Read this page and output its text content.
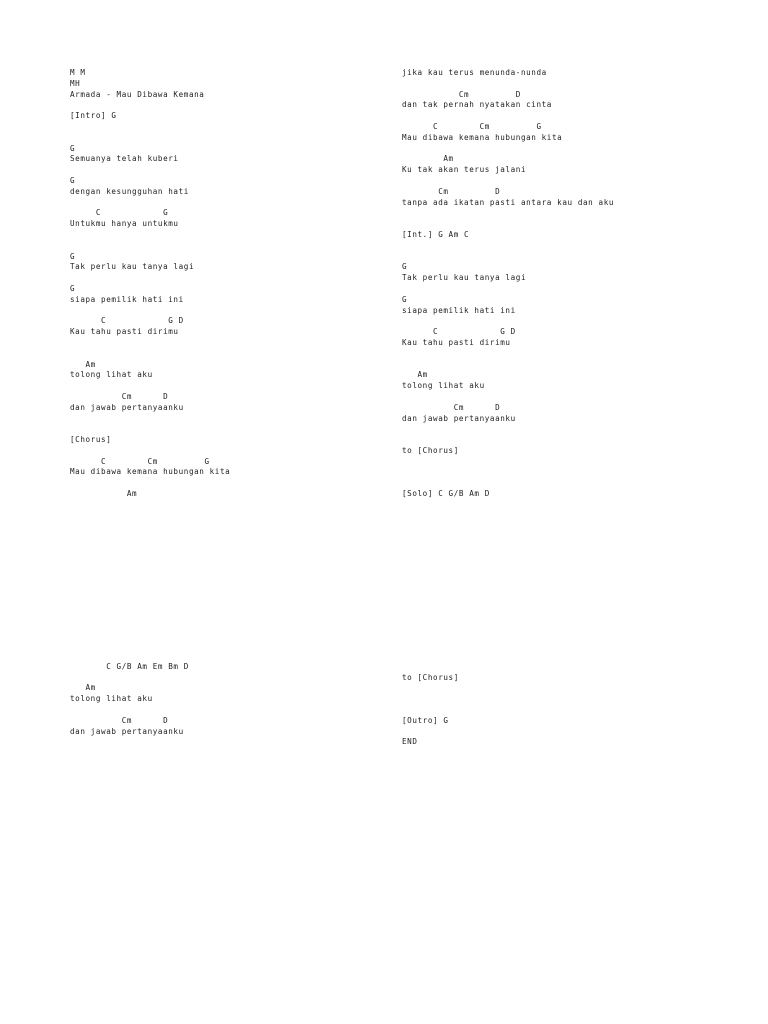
M M
MH
Armada - Mau Dibawa Kemana
[Intro] G
G
Semuanya telah kuberi
G
dengan kesungguhan hati
C            G
Untukmu hanya untukmu
G
Tak perlu kau tanya lagi
G
siapa pemilik hati ini
C            G D
Kau tahu pasti dirimu
Am
tolong lihat aku
Cm      D
dan jawab pertanyaanku
[Chorus]
C        Cm         G
Mau dibawa kemana hubungan kita
Am
C G/B Am Em Bm D
Am
tolong lihat aku
Cm      D
dan jawab pertanyaanku
jika kau terus menunda-nunda
Cm         D
dan tak pernah nyatakan cinta
C        Cm         G
Mau dibawa kemana hubungan kita
Am
Ku tak akan terus jalani
Cm         D
tanpa ada ikatan pasti antara kau dan aku
[Int.] G Am C
G
Tak perlu kau tanya lagi
G
siapa pemilik hati ini
C            G D
Kau tahu pasti dirimu
Am
tolong lihat aku
Cm      D
dan jawab pertanyaanku
to [Chorus]
[Solo] C G/B Am D
to [Chorus]
[Outro] G
END
